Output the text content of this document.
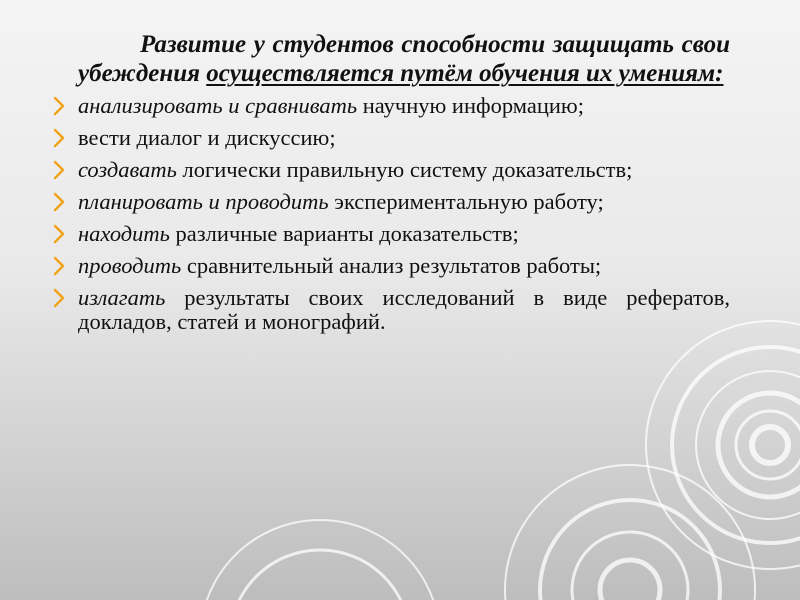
Развитие у студентов способности защищать свои убеждения осуществляется путём обучения их умениям:

анализировать и сравнивать научную информацию;
вести диалог и дискуссию;
создавать логически правильную систему доказательств;
планировать и проводить экспериментальную работу;
находить различные варианты доказательств;
проводить сравнительный анализ результатов работы;
излагать результаты своих исследований в виде рефератов, докладов, статей и монографий.
